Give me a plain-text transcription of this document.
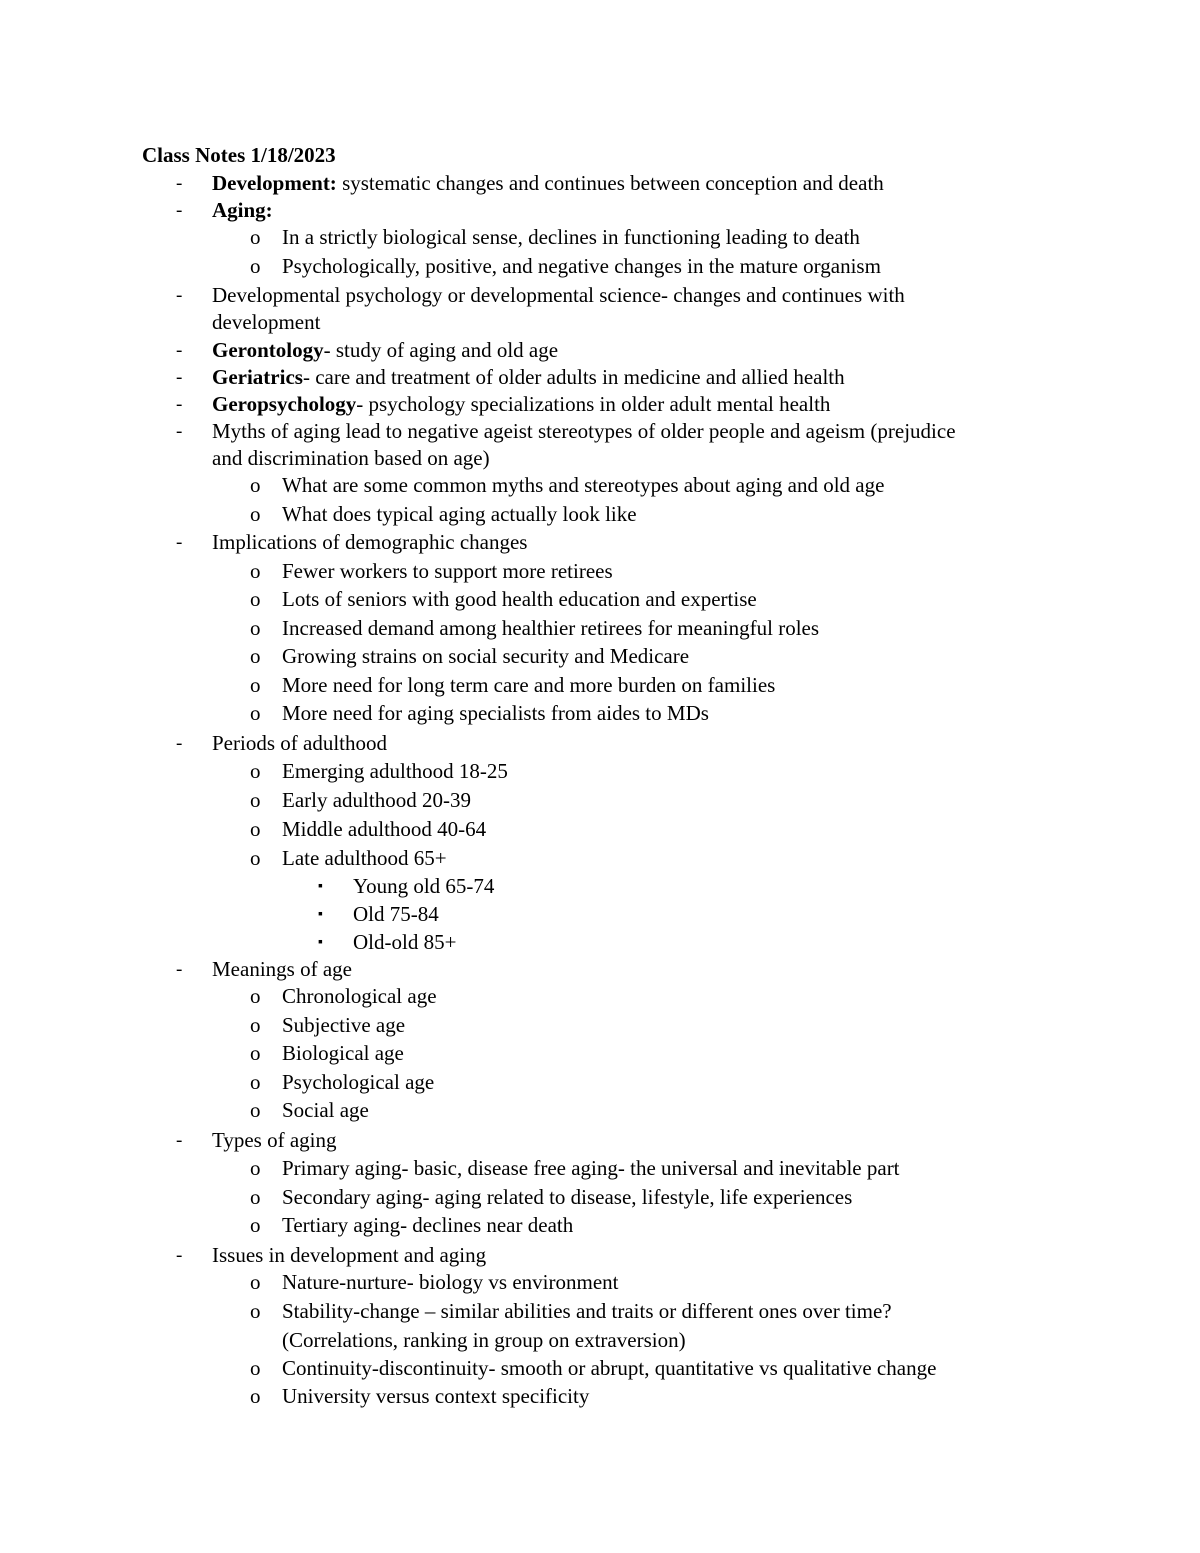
Class Notes 1/18/2023
- Development: systematic changes and continues between conception and death
- Aging:
o In a strictly biological sense, declines in functioning leading to death
o Psychologically, positive, and negative changes in the mature organism
- Developmental psychology or developmental science- changes and continues with
development
- Gerontology- study of aging and old age
- Geriatrics- care and treatment of older adults in medicine and allied health
- Geropsychology- psychology specializations in older adult mental health
- Myths of aging lead to negative ageist stereotypes of older people and ageism (prejudice
and discrimination based on age)
o What are some common myths and stereotypes about aging and old age
o What does typical aging actually look like
- Implications of demographic changes
o Fewer workers to support more retirees
o Lots of seniors with good health education and expertise
o Increased demand among healthier retirees for meaningful roles
o Growing strains on social security and Medicare
o More need for long term care and more burden on families
o More need for aging specialists from aides to MDs
- Periods of adulthood
o Emerging adulthood 18-25
o Early adulthood 20-39
o Middle adulthood 40-64
o Late adulthood 65+
▪ Young old 65-74
▪ Old 75-84
▪ Old-old 85+
- Meanings of age
o Chronological age
o Subjective age
o Biological age
o Psychological age
o Social age
- Types of aging
o Primary aging- basic, disease free aging- the universal and inevitable part
o Secondary aging- aging related to disease, lifestyle, life experiences
o Tertiary aging- declines near death
- Issues in development and aging
o Nature-nurture- biology vs environment
o Stability-change – similar abilities and traits or different ones over time?
(Correlations, ranking in group on extraversion)
o Continuity-discontinuity- smooth or abrupt, quantitative vs qualitative change
o University versus context specificity
